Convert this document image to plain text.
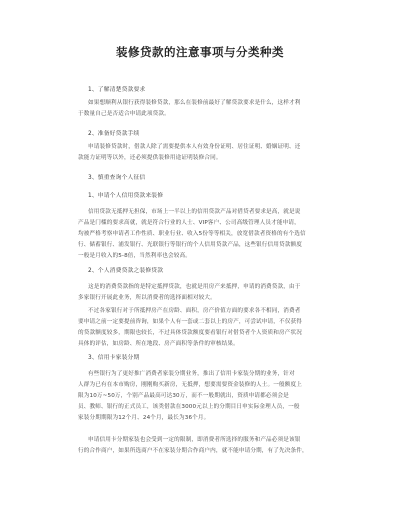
装修贷款的注意事项与分类种类
1、了解清楚贷款要求
如果想顺利从银行获得装修贷款，那么在装修前最好了解贷款要求是什么，这样才利
于数量自己是否适合申请此项贷款。
2、准备好贷款手续
申请装修贷款时，借款人除了需要提供本人有效身份证明、居住证明、婚姻证明、还
款能力证明等以外，还必须提供装修用途证明装修合同。
3、慎重查询个人征信
1、申请个人信用贷款来装修
信用贷款无抵押无担保，市场上一半以上的信用贷款产品对借贷者要求是高，就是说
产品是门槛的要求高就，就是符合行业的人士、VIP客户、公司高级管理人员才能申请，
均被严格考察申请者工作性质、职业行业、收入5份等等相关，放宽借款者资格的有个选信
行、储蓄银行、浦发银行、光联银行等银行的个人信用贷款产品，这些银行信用贷款额度
一般是月收入的5-8倍，当然利率也会较高。
2、个人消费贷款之装修贷款
这是的消费贷款指的是特定抵押贷款，也就是用房产来抵押，申请的消费贷款，由于
多家银行开展此业务，所以消费者的选择面相对较大。
不过各家银行对于所抵押房产在房龄、面积，房产价值方面的要求各不相同，消费者
要申请之前一定要提前咨询，如果个人有一套或二套以上的房产，可尝试申请，不仅获得
的贷款额度较多，期限也较长，不过具体贷款额度要看银行对借贷者个人资质和房产状况
具体的评估，如房龄、所在地段、房产面积等条件的审核结果。
3、信用卡家装分期
有些银行为了更好推广消费者家装分期业务，推出了信用卡家装分期的业务，针对
人群为已有在本市购房，刚刚购买新房，无抵押，想要需要资金装修的人士。一般额度上
限为10万~50万，个别产品最高可达30万，而不一般期就出，资质申请都必须会是
员、教师、银行的正式员工，该类借款在3000元以上的分期目日申实际金理人员，一般
家装分期期限为12个月、24个月，最长为36个月。
申请信用卡分期家装也会受到一定的限制，即消费者所选择的服务和产品必须是该银
行的合作商户，如果所选商户不在家装分期合作商户内，就不能申请分期，有了先决条件，
